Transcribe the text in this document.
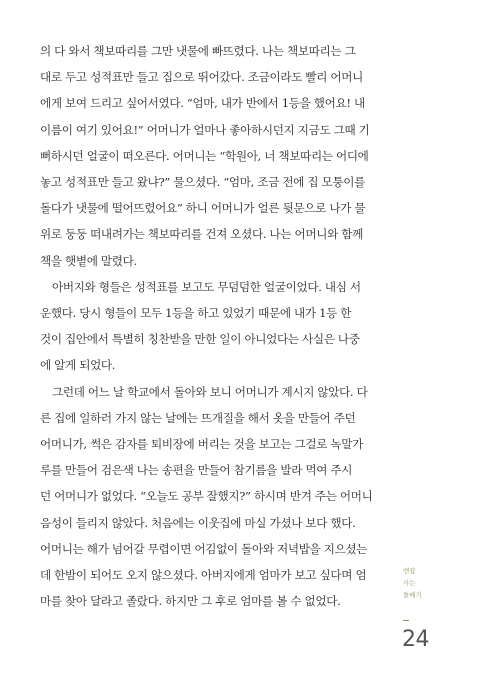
의 다 와서 책보따리를 그만 냇물에 빠뜨렸다. 나는 책보따리는 그
대로 두고 성적표만 들고 집으로 뛰어갔다. 조금이라도 빨리 어머니
에게 보여 드리고 싶어서였다. “엄마, 내가 반에서 1등을 했어요! 내
이름이 여기 있어요!” 어머니가 얼마나 좋아하시던지 지금도 그때 기
뻐하시던 얼굴이 떠오른다. 어머니는 “학원아, 너 책보따리는 어디에
놓고 성적표만 들고 왔냐?” 물으셨다. “엄마, 조금 전에 집 모퉁이를
돌다가 냇물에 떨어뜨렸어요” 하니 어머니가 얼른 뒷문으로 나가 물
위로 둥둥 떠내려가는 책보따리를 건져 오셨다. 나는 어머니와 함께
책을 햇볕에 말렸다.

아버지와 형들은 성적표를 보고도 무덤덤한 얼굴이었다. 내심 서
운했다. 당시 형들이 모두 1등을 하고 있었기 때문에 내가 1등 한
것이 집안에서 특별히 칭찬받을 만한 일이 아니었다는 사실은 나중
에 알게 되었다.

그런데 어느 날 학교에서 돌아와 보니 어머니가 계시지 않았다. 다
른 집에 일하러 가지 않는 날에는 뜨개질을 해서 옷을 만들어 주던
어머니가, 썩은 감자를 퇴비장에 버리는 것을 보고는 그걸로 녹말가
루를 만들어 검은색 나는 송편을 만들어 참기름을 발라 먹여 주시
던 어머니가 없었다. “오늘도 공부 잘했지?” 하시며 반겨 주는 어머니
음성이 들리지 않았다. 처음에는 이웃집에 마실 가셨나 보다 했다.
어머니는 해가 넘어갈 무렵이면 어김없이 돌아와 저녁밥을 지으셨는
데 한밤이 되어도 오지 않으셨다. 아버지에게 엄마가 보고 싶다며 엄
마를 찾아 달라고 졸랐다. 하지만 그 후로 엄마를 볼 수 없었다.

엔잡
사는
돌베기
24
